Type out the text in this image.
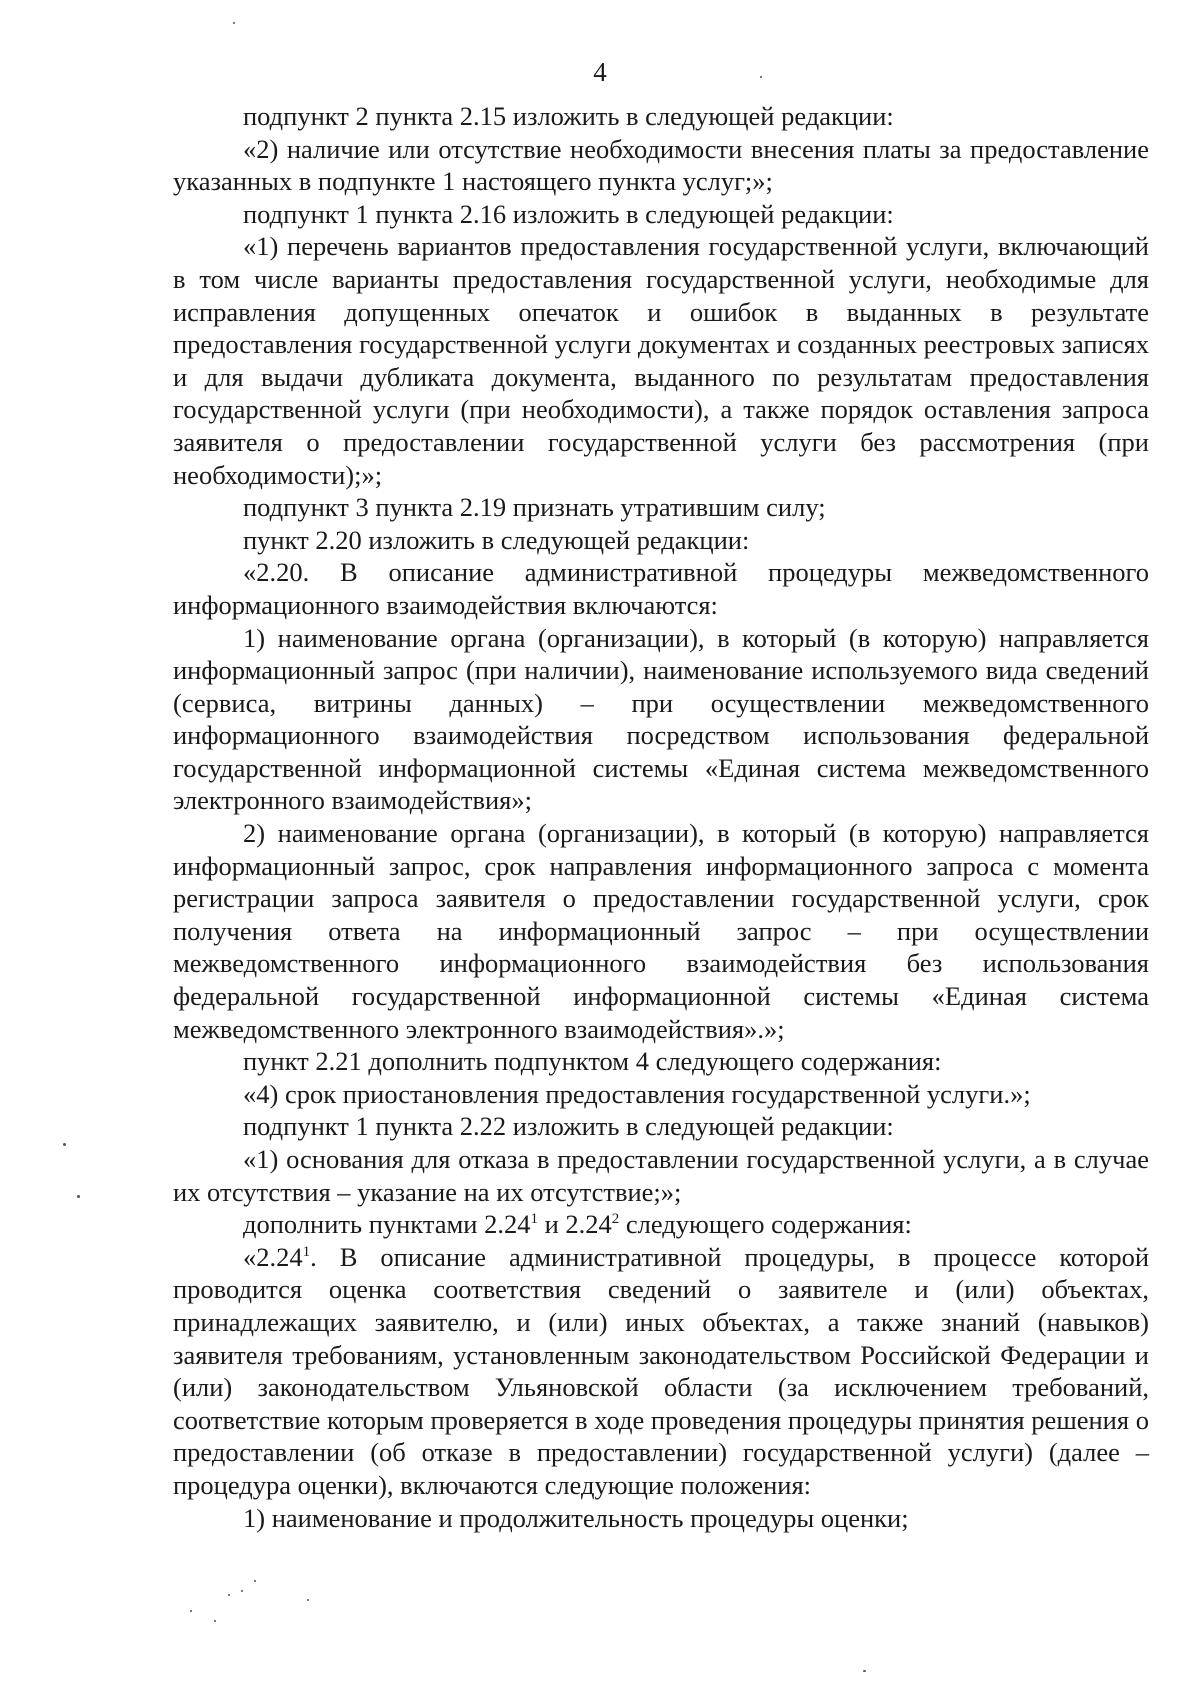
4

подпункт 2 пункта 2.15 изложить в следующей редакции:

«2) наличие или отсутствие необходимости внесения платы за предоставление указанных в подпункте 1 настоящего пункта услуг;»;

подпункт 1 пункта 2.16 изложить в следующей редакции:

«1) перечень вариантов предоставления государственной услуги, включающий в том числе варианты предоставления государственной услуги, необходимые для исправления допущенных опечаток и ошибок в выданных в результате предоставления государственной услуги документах и созданных реестровых записях и для выдачи дубликата документа, выданного по результатам предоставления государственной услуги (при необходимости), а также порядок оставления запроса заявителя о предоставлении государственной услуги без рассмотрения (при необходимости);»;

подпункт 3 пункта 2.19 признать утратившим силу;

пункт 2.20 изложить в следующей редакции:

«2.20. В описание административной процедуры межведомственного информационного взаимодействия включаются:

1) наименование органа (организации), в который (в которую) направляется информационный запрос (при наличии), наименование используемого вида сведений (сервиса, витрины данных) – при осуществлении межведомственного информационного взаимодействия посредством использования федеральной государственной информационной системы «Единая система межведомственного электронного взаимодействия»;

2) наименование органа (организации), в который (в которую) направляется информационный запрос, срок направления информационного запроса с момента регистрации запроса заявителя о предоставлении государственной услуги, срок получения ответа на информационный запрос – при осуществлении межведомственного информационного взаимодействия без использования федеральной государственной информационной системы «Единая система межведомственного электронного взаимодействия».»;

пункт 2.21 дополнить подпунктом 4 следующего содержания:

«4) срок приостановления предоставления государственной услуги.»;

подпункт 1 пункта 2.22 изложить в следующей редакции:

«1) основания для отказа в предоставлении государственной услуги, а в случае их отсутствия – указание на их отсутствие;»;

дополнить пунктами 2.24$^1$ и 2.24$^2$ следующего содержания:

«2.24$^1$. В описание административной процедуры, в процессе которой проводится оценка соответствия сведений о заявителе и (или) объектах, принадлежащих заявителю, и (или) иных объектах, а также знаний (навыков) заявителя требованиям, установленным законодательством Российской Федерации и (или) законодательством Ульяновской области (за исключением требований, соответствие которым проверяется в ходе проведения процедуры принятия решения о предоставлении (об отказе в предоставлении) государственной услуги) (далее – процедура оценки), включаются следующие положения:

1) наименование и продолжительность процедуры оценки;
